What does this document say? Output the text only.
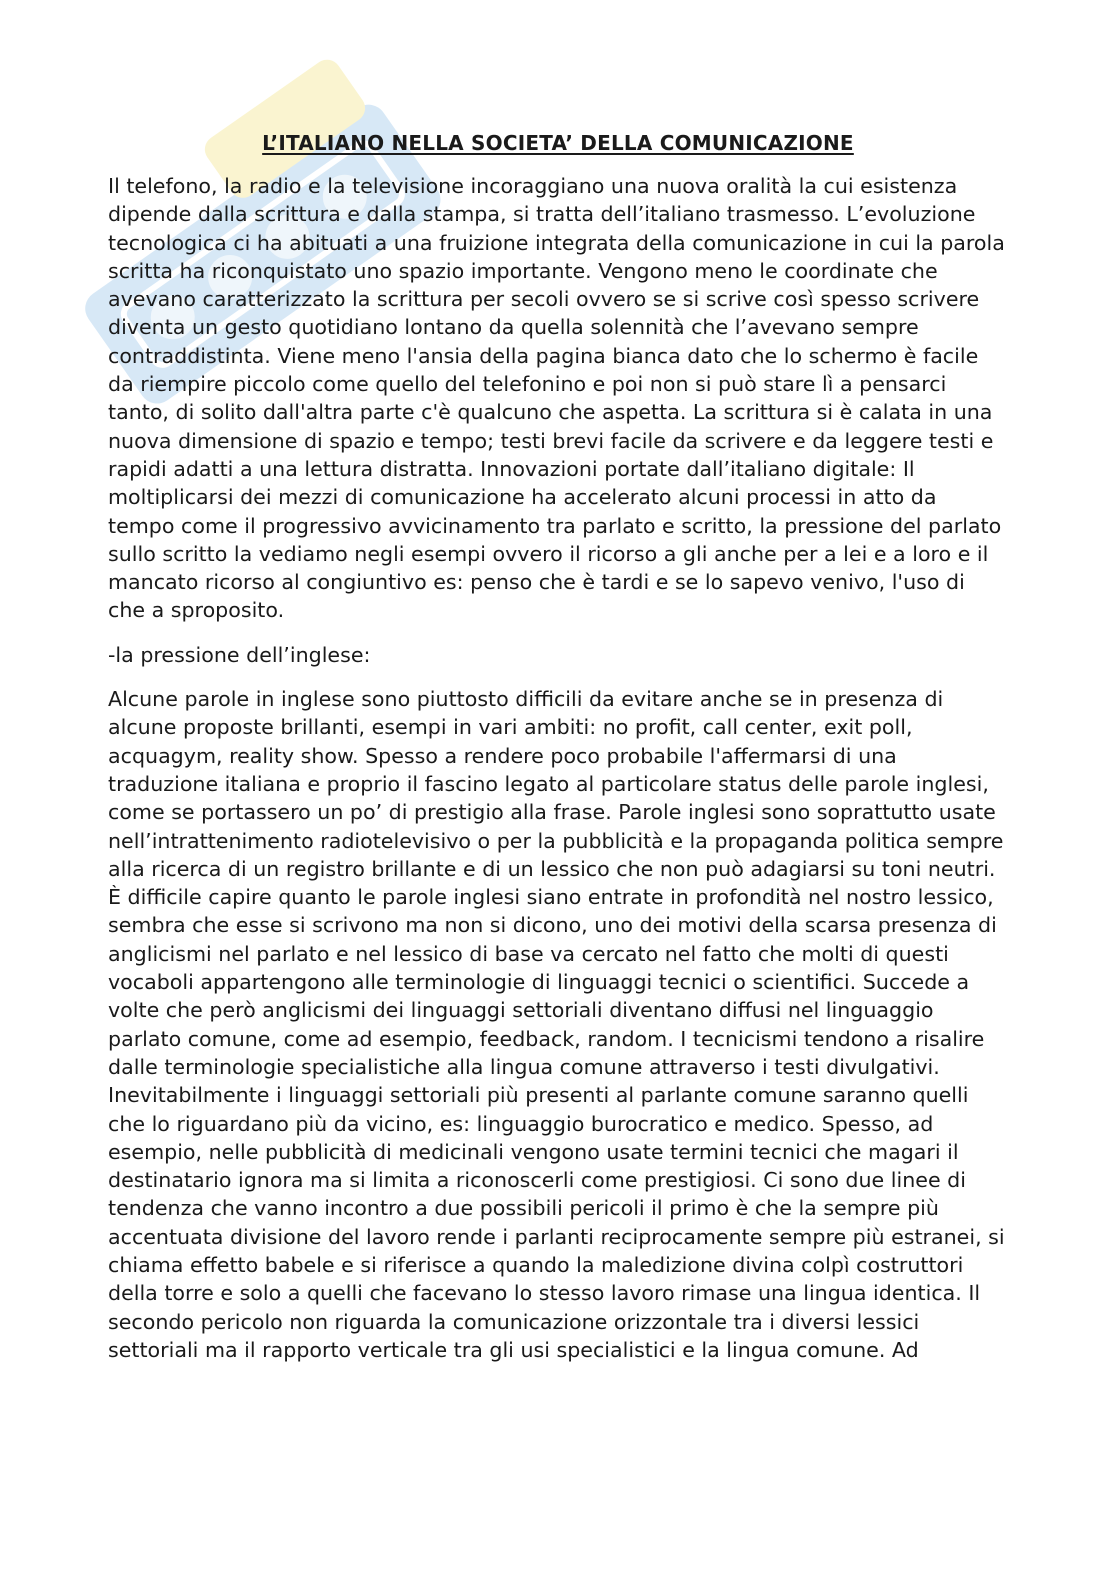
L’ITALIANO NELLA SOCIETA’ DELLA COMUNICAZIONE

Il telefono, la radio e la televisione incoraggiano una nuova oralità la cui esistenza dipende dalla scrittura e dalla stampa, si tratta dell’italiano trasmesso. L’evoluzione tecnologica ci ha abituati a una fruizione integrata della comunicazione in cui la parola scritta ha riconquistato uno spazio importante. Vengono meno le coordinate che avevano caratterizzato la scrittura per secoli ovvero se si scrive così spesso scrivere diventa un gesto quotidiano lontano da quella solennità che l’avevano sempre contraddistinta. Viene meno l'ansia della pagina bianca dato che lo schermo è facile da riempire piccolo come quello del telefonino e poi non si può stare lì a pensarci tanto, di solito dall'altra parte c'è qualcuno che aspetta. La scrittura si è calata in una nuova dimensione di spazio e tempo; testi brevi facile da scrivere e da leggere testi e rapidi adatti a una lettura distratta. Innovazioni portate dall’italiano digitale: Il moltiplicarsi dei mezzi di comunicazione ha accelerato alcuni processi in atto da tempo come il progressivo avvicinamento tra parlato e scritto, la pressione del parlato sullo scritto la vediamo negli esempi ovvero il ricorso a gli anche per a lei e a loro e il mancato ricorso al congiuntivo es: penso che è tardi e se lo sapevo venivo, l'uso di che a sproposito.

-la pressione dell’inglese:

Alcune parole in inglese sono piuttosto difficili da evitare anche se in presenza di alcune proposte brillanti, esempi in vari ambiti: no profit, call center, exit poll, acquagym, reality show. Spesso a rendere poco probabile l'affermarsi di una traduzione italiana e proprio il fascino legato al particolare status delle parole inglesi, come se portassero un po’ di prestigio alla frase. Parole inglesi sono soprattutto usate nell’intrattenimento radiotelevisivo o per la pubblicità e la propaganda politica sempre alla ricerca di un registro brillante e di un lessico che non può adagiarsi su toni neutri. È difficile capire quanto le parole inglesi siano entrate in profondità nel nostro lessico, sembra che esse si scrivono ma non si dicono, uno dei motivi della scarsa presenza di anglicismi nel parlato e nel lessico di base va cercato nel fatto che molti di questi vocaboli appartengono alle terminologie di linguaggi tecnici o scientifici. Succede a volte che però anglicismi dei linguaggi settoriali diventano diffusi nel linguaggio parlato comune, come ad esempio, feedback, random. I tecnicismi tendono a risalire dalle terminologie specialistiche alla lingua comune attraverso i testi divulgativi. Inevitabilmente i linguaggi settoriali più presenti al parlante comune saranno quelli che lo riguardano più da vicino, es: linguaggio burocratico e medico. Spesso, ad esempio, nelle pubblicità di medicinali vengono usate termini tecnici che magari il destinatario ignora ma si limita a riconoscerli come prestigiosi. Ci sono due linee di tendenza che vanno incontro a due possibili pericoli il primo è che la sempre più accentuata divisione del lavoro rende i parlanti reciprocamente sempre più estranei, si chiama effetto babele e si riferisce a quando la maledizione divina colpì costruttori della torre e solo a quelli che facevano lo stesso lavoro rimase una lingua identica. Il secondo pericolo non riguarda la comunicazione orizzontale tra i diversi lessici settoriali ma il rapporto verticale tra gli usi specialistici e la lingua comune. Ad
